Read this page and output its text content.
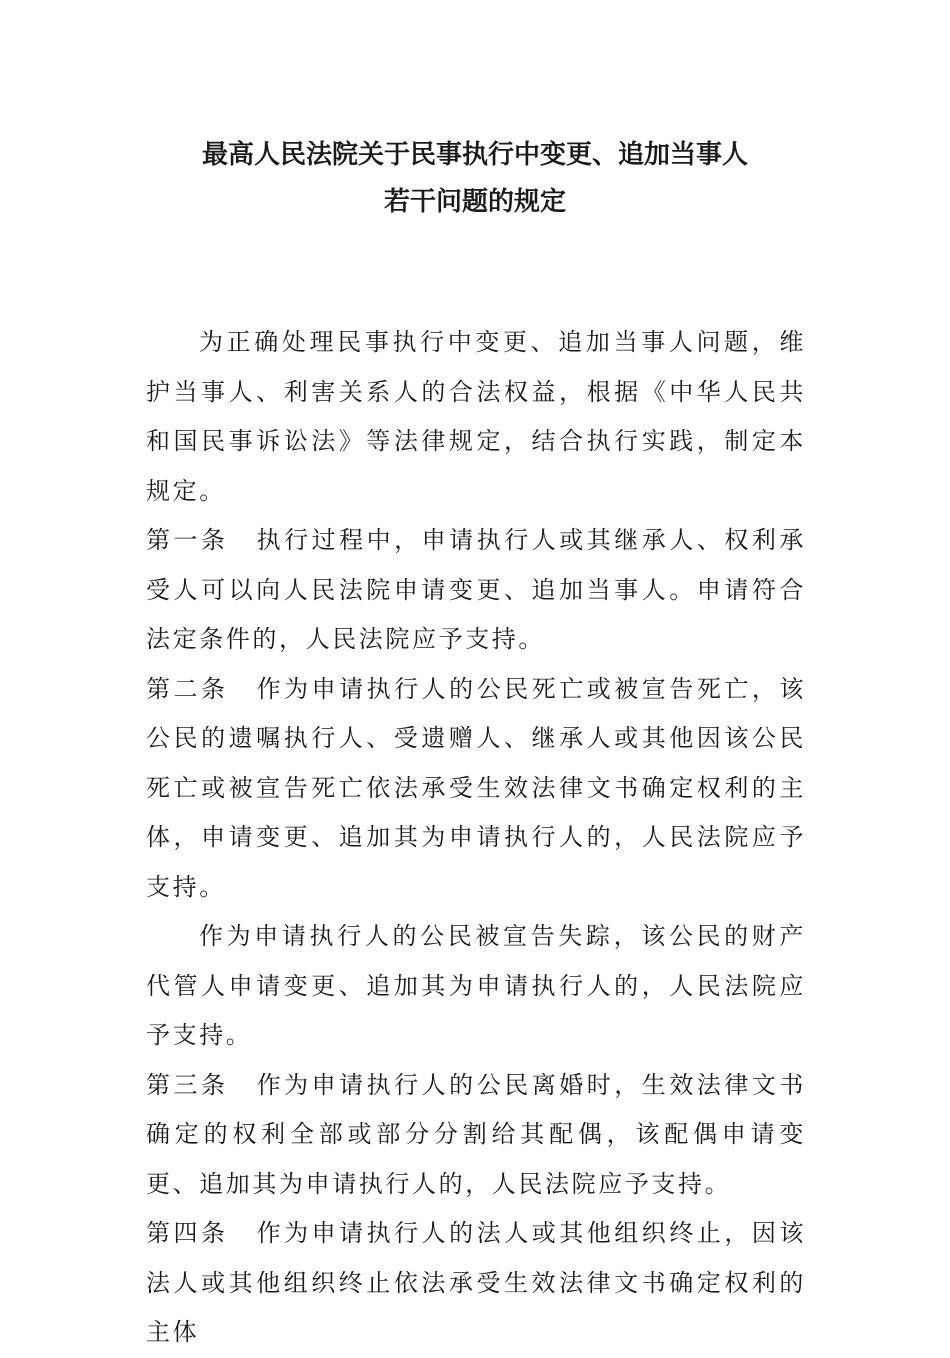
最高人民法院关于民事执行中变更、追加当事人
若干问题的规定

为正确处理民事执行中变更、追加当事人问题，维护当事人、利害关系人的合法权益，根据《中华人民共和国民事诉讼法》等法律规定，结合执行实践，制定本规定。

第一条 执行过程中，申请执行人或其继承人、权利承受人可以向人民法院申请变更、追加当事人。申请符合法定条件的，人民法院应予支持。

第二条 作为申请执行人的公民死亡或被宣告死亡，该公民的遗嘱执行人、受遗赠人、继承人或其他因该公民死亡或被宣告死亡依法承受生效法律文书确定权利的主体，申请变更、追加其为申请执行人的，人民法院应予支持。

作为申请执行人的公民被宣告失踪，该公民的财产代管人申请变更、追加其为申请执行人的，人民法院应予支持。

第三条 作为申请执行人的公民离婚时，生效法律文书确定的权利全部或部分分割给其配偶，该配偶申请变更、追加其为申请执行人的，人民法院应予支持。

第四条 作为申请执行人的法人或其他组织终止，因该法人或其他组织终止依法承受生效法律文书确定权利的主体
